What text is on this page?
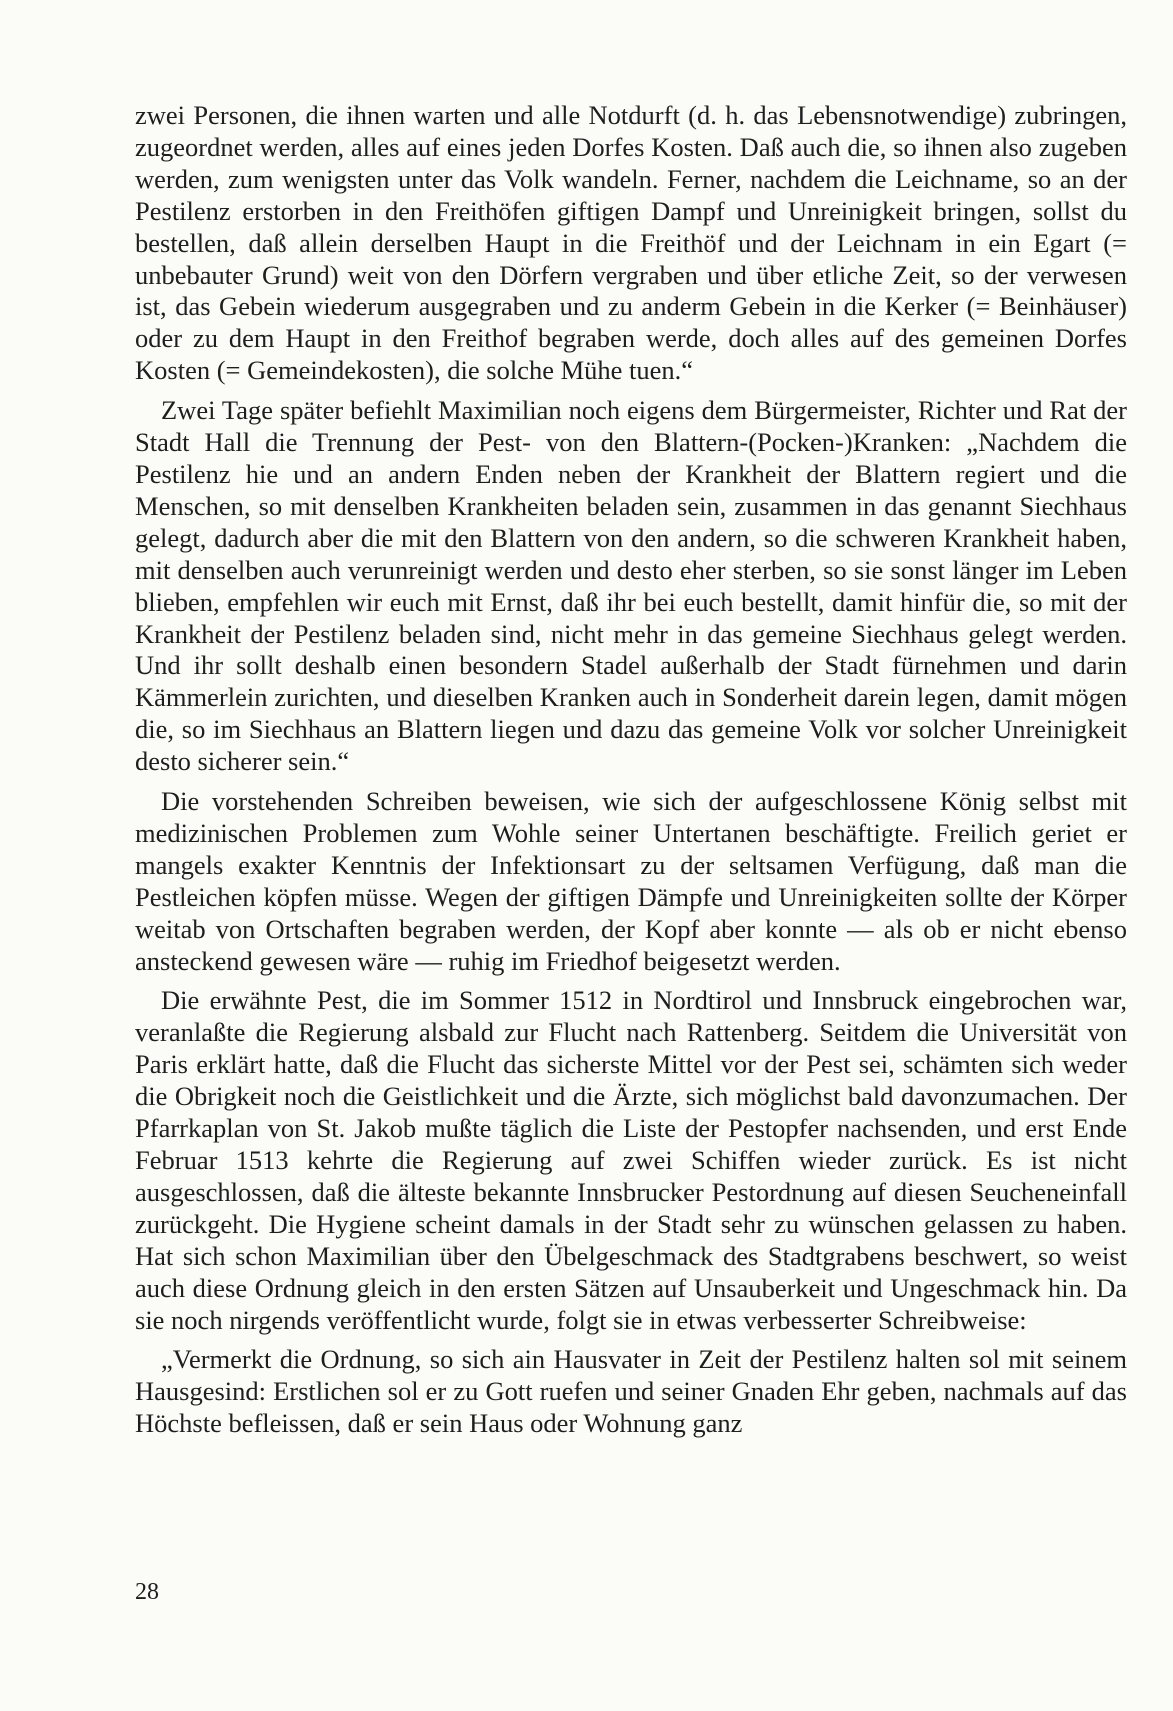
zwei Personen, die ihnen warten und alle Notdurft (d. h. das Lebensnotwendige) zubringen, zugeordnet werden, alles auf eines jeden Dorfes Kosten. Daß auch die, so ihnen also zugeben werden, zum wenigsten unter das Volk wandeln. Ferner, nachdem die Leichname, so an der Pestilenz erstorben in den Freithöfen giftigen Dampf und Unreinigkeit bringen, sollst du bestellen, daß allein derselben Haupt in die Freithöf und der Leichnam in ein Egart (= unbebauter Grund) weit von den Dörfern vergraben und über etliche Zeit, so der verwesen ist, das Gebein wiederum ausgegraben und zu anderm Gebein in die Kerker (= Beinhäuser) oder zu dem Haupt in den Freithof begraben werde, doch alles auf des gemeinen Dorfes Kosten (= Gemeindekosten), die solche Mühe tuen.“

Zwei Tage später befiehlt Maximilian noch eigens dem Bürgermeister, Richter und Rat der Stadt Hall die Trennung der Pest- von den Blattern-(Pocken-)Kranken: „Nachdem die Pestilenz hie und an andern Enden neben der Krankheit der Blattern regiert und die Menschen, so mit denselben Krankheiten beladen sein, zusammen in das genannt Siechhaus gelegt, dadurch aber die mit den Blattern von den andern, so die schweren Krankheit haben, mit denselben auch verunreinigt werden und desto eher sterben, so sie sonst länger im Leben blieben, empfehlen wir euch mit Ernst, daß ihr bei euch bestellt, damit hinfür die, so mit der Krankheit der Pestilenz beladen sind, nicht mehr in das gemeine Siechhaus gelegt werden. Und ihr sollt deshalb einen besondern Stadel außerhalb der Stadt fürnehmen und darin Kämmerlein zurichten, und dieselben Kranken auch in Sonderheit darein legen, damit mögen die, so im Siechhaus an Blattern liegen und dazu das gemeine Volk vor solcher Unreinigkeit desto sicherer sein.“

Die vorstehenden Schreiben beweisen, wie sich der aufgeschlossene König selbst mit medizinischen Problemen zum Wohle seiner Untertanen beschäftigte. Freilich geriet er mangels exakter Kenntnis der Infektionsart zu der seltsamen Verfügung, daß man die Pestleichen köpfen müsse. Wegen der giftigen Dämpfe und Unreinigkeiten sollte der Körper weitab von Ortschaften begraben werden, der Kopf aber konnte — als ob er nicht ebenso ansteckend gewesen wäre — ruhig im Friedhof beigesetzt werden.

Die erwähnte Pest, die im Sommer 1512 in Nordtirol und Innsbruck eingebrochen war, veranlaßte die Regierung alsbald zur Flucht nach Rattenberg. Seitdem die Universität von Paris erklärt hatte, daß die Flucht das sicherste Mittel vor der Pest sei, schämten sich weder die Obrigkeit noch die Geistlichkeit und die Ärzte, sich möglichst bald davonzumachen. Der Pfarrkaplan von St. Jakob mußte täglich die Liste der Pestopfer nachsenden, und erst Ende Februar 1513 kehrte die Regierung auf zwei Schiffen wieder zurück. Es ist nicht ausgeschlossen, daß die älteste bekannte Innsbrucker Pestordnung auf diesen Seucheneinfall zurückgeht. Die Hygiene scheint damals in der Stadt sehr zu wünschen gelassen zu haben. Hat sich schon Maximilian über den Übelgeschmack des Stadtgrabens beschwert, so weist auch diese Ordnung gleich in den ersten Sätzen auf Unsauberkeit und Ungeschmack hin. Da sie noch nirgends veröffentlicht wurde, folgt sie in etwas verbesserter Schreibweise:

„Vermerkt die Ordnung, so sich ain Hausvater in Zeit der Pestilenz halten sol mit seinem Hausgesind: Erstlichen sol er zu Gott ruefen und seiner Gnaden Ehr geben, nachmals auf das Höchste befleissen, daß er sein Haus oder Wohnung ganz

28
